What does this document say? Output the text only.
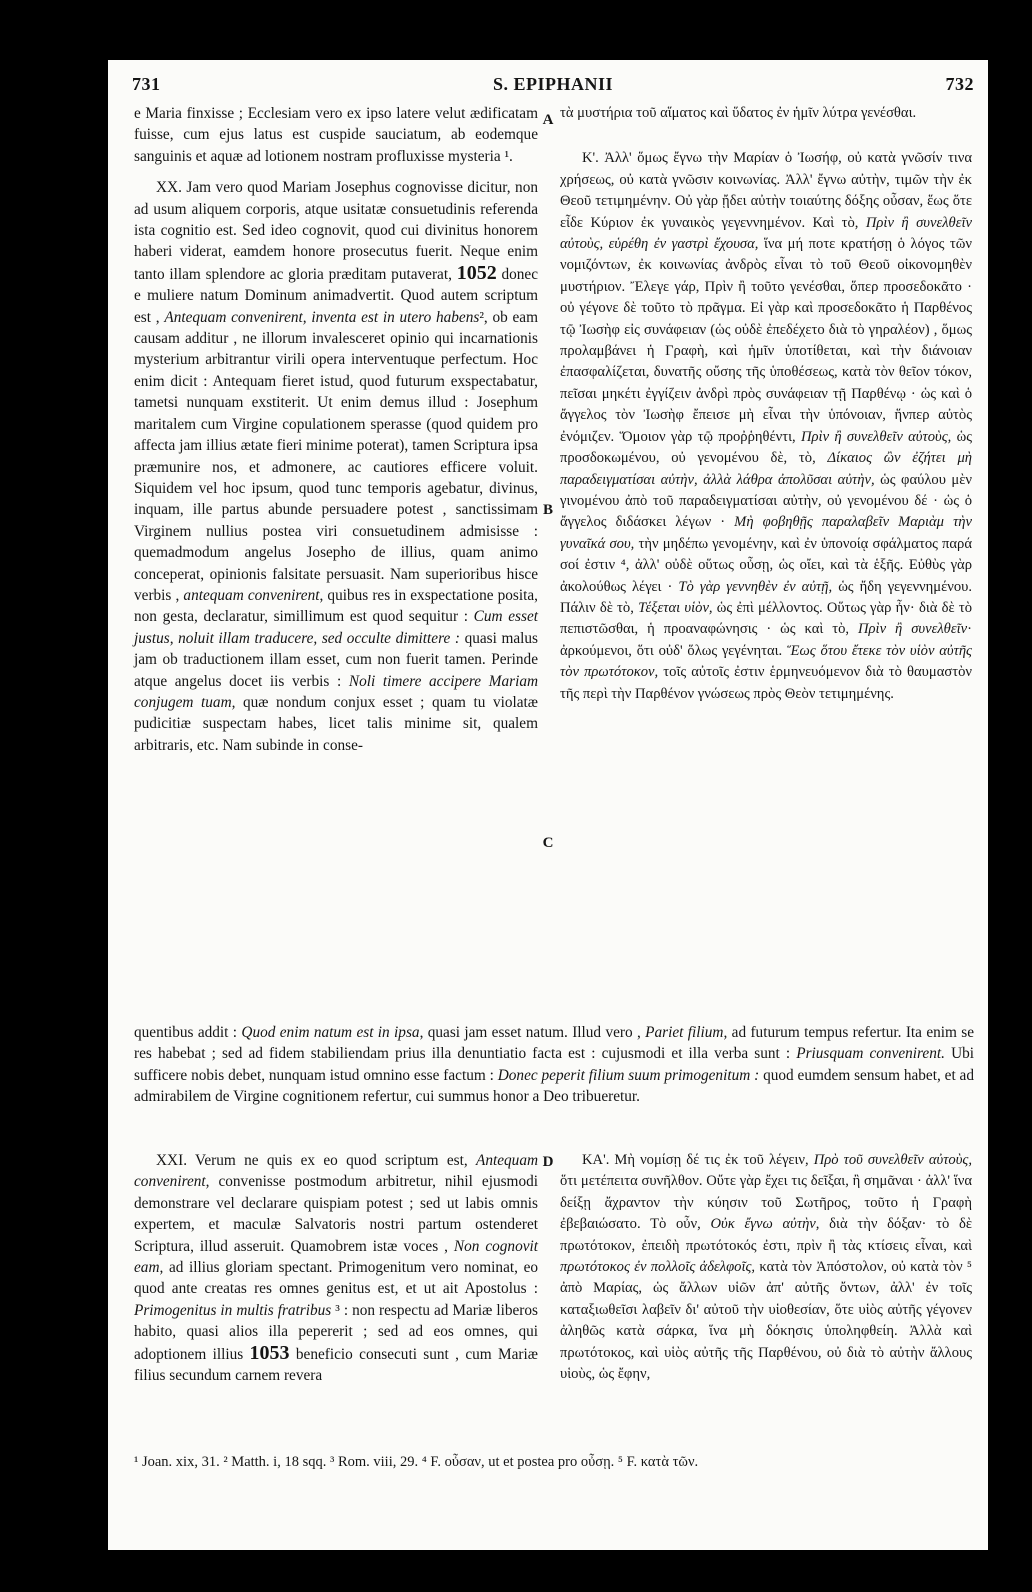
731	S. EPIPHANII	732

e Maria finxisse ; Ecclesiam vero ex ipso latere velut ædificatam fuisse, cum ejus latus est cuspide sauciatum, ab eodemque sanguinis et aquæ ad lotionem nostram profluxisse mysteria ¹.

XX. Jam vero quod Mariam Josephus cognovisse dicitur, non ad usum aliquem corporis, atque usitatæ consuetudinis referenda ista cognitio est. Sed ideo cognovit, quod cui divinitus honorem haberi viderat, eamdem honore prosecutus fuerit. Neque enim tanto illam splendore ac gloria præditam putaverat, 1052 donec e muliere natum Dominum animadvertit. Quod autem scriptum est , Antequam convenirent, inventa est in utero habens², ob eam causam additur , ne illorum invalesceret opinio qui incarnationis mysterium arbitrantur virili opera interventuque perfectum. Hoc enim dicit : Antequam fieret istud, quod futurum exspectabatur, tametsi nunquam exstiterit. Ut enim demus illud : Josephum maritalem cum Virgine copulationem sperasse (quod quidem pro affecta jam illius ætate fieri minime poterat), tamen Scriptura ipsa præmunire nos, et admonere, ac cautiores efficere voluit. Siquidem vel hoc ipsum, quod tunc temporis agebatur, divinus, inquam, ille partus abunde persuadere potest , sanctissimam Virginem nullius postea viri consuetudinem admisisse : quemadmodum angelus Josepho de illius, quam animo conceperat, opinionis falsitate persuasit. Nam superioribus hisce verbis , antequam convenirent, quibus res in exspectatione posita, non gesta, declaratur, simillimum est quod sequitur : Cum esset justus, noluit illam traducere, sed occulte dimittere : quasi malus jam ob traductionem illam esset, cum non fuerit tamen. Perinde atque angelus docet iis verbis : Noli timere accipere Mariam conjugem tuam, quæ nondum conjux esset ; quam tu violatæ pudicitiæ suspectam habes, licet talis minime sit, qualem arbitraris, etc. Nam subinde in conse-

A
B
C
D

τὰ μυστήρια τοῦ αἵματος καὶ ὕδατος ἐν ἡμῖν λύτρα γενέσθαι.

Κ'. Ἀλλ' ὅμως ἔγνω τὴν Μαρίαν ὁ Ἰωσήφ, οὐ κατὰ γνῶσίν τινα χρήσεως, οὐ κατὰ γνῶσιν κοινωνίας. Ἀλλ' ἔγνω αὐτὴν, τιμῶν τὴν ἐκ Θεοῦ τετιμημένην. Οὐ γὰρ ᾔδει αὐτὴν τοιαύτης δόξης οὖσαν, ἕως ὅτε εἶδε Κύριον ἐκ γυναικὸς γεγεννημένον. Καὶ τὸ, Πρὶν ἢ συνελθεῖν αὐτοὺς, εὑρέθη ἐν γαστρὶ ἔχουσα, ἵνα μή ποτε κρατήσῃ ὁ λόγος τῶν νομιζόντων, ἐκ κοινωνίας ἀνδρὸς εἶναι τὸ τοῦ Θεοῦ οἰκονομηθὲν μυστήριον. Ἔλεγε γάρ, Πρὶν ἢ τοῦτο γενέσθαι, ὅπερ προσεδοκᾶτο · οὐ γέγονε δὲ τοῦτο τὸ πρᾶγμα. Εἰ γὰρ καὶ προσεδοκᾶτο ἡ Παρθένος τῷ Ἰωσὴφ εἰς συνάφειαν (ὡς οὐδὲ ἐπεδέχετο διὰ τὸ γηραλέον) , ὅμως προλαμβάνει ἡ Γραφὴ, καὶ ἡμῖν ὑποτίθεται, καὶ τὴν διάνοιαν ἐπασφαλίζεται, δυνατῆς οὔσης τῆς ὑποθέσεως, κατὰ τὸν θεῖον τόκον, πεῖσαι μηκέτι ἐγγίζειν ἀνδρὶ πρὸς συνάφειαν τῇ Παρθένῳ · ὡς καὶ ὁ ἄγγελος τὸν Ἰωσὴφ ἔπεισε μὴ εἶναι τὴν ὑπόνοιαν, ἥνπερ αὐτὸς ἐνόμιζεν. Ὅμοιον γὰρ τῷ προῤῥηθέντι, Πρὶν ἢ συνελθεῖν αὐτοὺς, ὡς προσδοκωμένου, οὐ γενομένου δὲ, τὸ, Δίκαιος ὢν ἐζήτει μὴ παραδειγματίσαι αὐτὴν, ἀλλὰ λάθρα ἀπολῦσαι αὐτὴν, ὡς φαύλου μὲν γινομένου ἀπὸ τοῦ παραδειγματίσαι αὐτὴν, οὐ γενομένου δέ · ὡς ὁ ἄγγελος διδάσκει λέγων · Μὴ φοβηθῇς παραλαβεῖν Μαριὰμ τὴν γυναῖκά σου, τὴν μηδέπω γενομένην, καὶ ἐν ὑπονοίᾳ σφάλματος παρά σοί ἐστιν ⁴, ἀλλ' οὐδὲ οὕτως οὖσῃ, ὡς οἴει, καὶ τὰ ἑξῆς. Εὐθὺς γὰρ ἀκολούθως λέγει · Τὸ γὰρ γεννηθὲν ἐν αὐτῇ, ὡς ἤδη γεγεννημένου. Πάλιν δὲ τὸ, Τέξεται υἱὸν, ὡς ἐπὶ μέλλοντος. Οὕτως γὰρ ἦν· διὰ δὲ τὸ πεπιστῶσθαι, ἡ προαναφώνησις · ὡς καὶ τὸ, Πρὶν ἢ συνελθεῖν· ἀρκούμενοι, ὅτι οὐδ' ὅλως γεγένηται. Ἕως ὅτου ἔτεκε τὸν υἱὸν αὐτῆς τὸν πρωτότοκον, τοῖς αὐτοῖς ἐστιν ἑρμηνευόμενον διὰ τὸ θαυμαστὸν τῆς περὶ τὴν Παρθένον γνώσεως πρὸς Θεὸν τετιμημένης.

quentibus addit : Quod enim natum est in ipsa, quasi jam esset natum. Illud vero , Pariet filium, ad futurum tempus refertur. Ita enim se res habebat ; sed ad fidem stabiliendam prius illa denuntiatio facta est : cujusmodi et illa verba sunt : Priusquam convenirent. Ubi sufficere nobis debet, nunquam istud omnino esse factum : Donec peperit filium suum primogenitum : quod eumdem sensum habet, et ad admirabilem de Virgine cognitionem refertur, cui summus honor a Deo tribueretur.

XXI. Verum ne quis ex eo quod scriptum est, Antequam convenirent, convenisse postmodum arbitretur, nihil ejusmodi demonstrare vel declarare quispiam potest ; sed ut labis omnis expertem, et maculæ Salvatoris nostri partum ostenderet Scriptura, illud asseruit. Quamobrem istæ voces , Non cognovit eam, ad illius gloriam spectant. Primogenitum vero nominat, eo quod ante creatas res omnes genitus est, et ut ait Apostolus : Primogenitus in multis fratribus ³ : non respectu ad Mariæ liberos habito, quasi alios illa pepererit ; sed ad eos omnes, qui adoptionem illius 1053 beneficio consecuti sunt , cum Mariæ filius secundum carnem revera

ΚΑ'. Μὴ νομίσῃ δέ τις ἐκ τοῦ λέγειν, Πρὸ τοῦ συνελθεῖν αὐτοὺς, ὅτι μετέπειτα συνῆλθον. Οὔτε γὰρ ἔχει τις δεῖξαι, ἢ σημᾶναι · ἀλλ' ἵνα δείξῃ ἄχραντον τὴν κύησιν τοῦ Σωτῆρος, τοῦτο ἡ Γραφὴ ἐβεβαιώσατο. Τὸ οὖν, Οὐκ ἔγνω αὐτὴν, διὰ τὴν δόξαν· τὸ δὲ πρωτότοκον, ἐπειδὴ πρωτότοκός ἐστι, πρὶν ἢ τὰς κτίσεις εἶναι, καὶ πρωτότοκος ἐν πολλοῖς ἀδελφοῖς, κατὰ τὸν Ἀπόστολον, οὐ κατὰ τὸν ⁵ ἀπὸ Μαρίας, ὡς ἄλλων υἱῶν ἀπ' αὐτῆς ὄντων, ἀλλ' ἐν τοῖς καταξιωθεῖσι λαβεῖν δι' αὐτοῦ τὴν υἱοθεσίαν, ὅτε υἱὸς αὐτῆς γέγονεν ἀληθῶς κατὰ σάρκα, ἵνα μὴ δόκησις ὑποληφθείη. Ἀλλὰ καὶ πρωτότοκος, καὶ υἱὸς αὐτῆς τῆς Παρθένου, οὐ διὰ τὸ αὐτὴν ἄλλους υἱοὺς, ὡς ἔφην,

¹ Joan. xix, 31. ² Matth. i, 18 sqq. ³ Rom. viii, 29. ⁴ F. οὖσαν, ut et postea pro οὖσῃ. ⁵ F. κατὰ τῶν.
